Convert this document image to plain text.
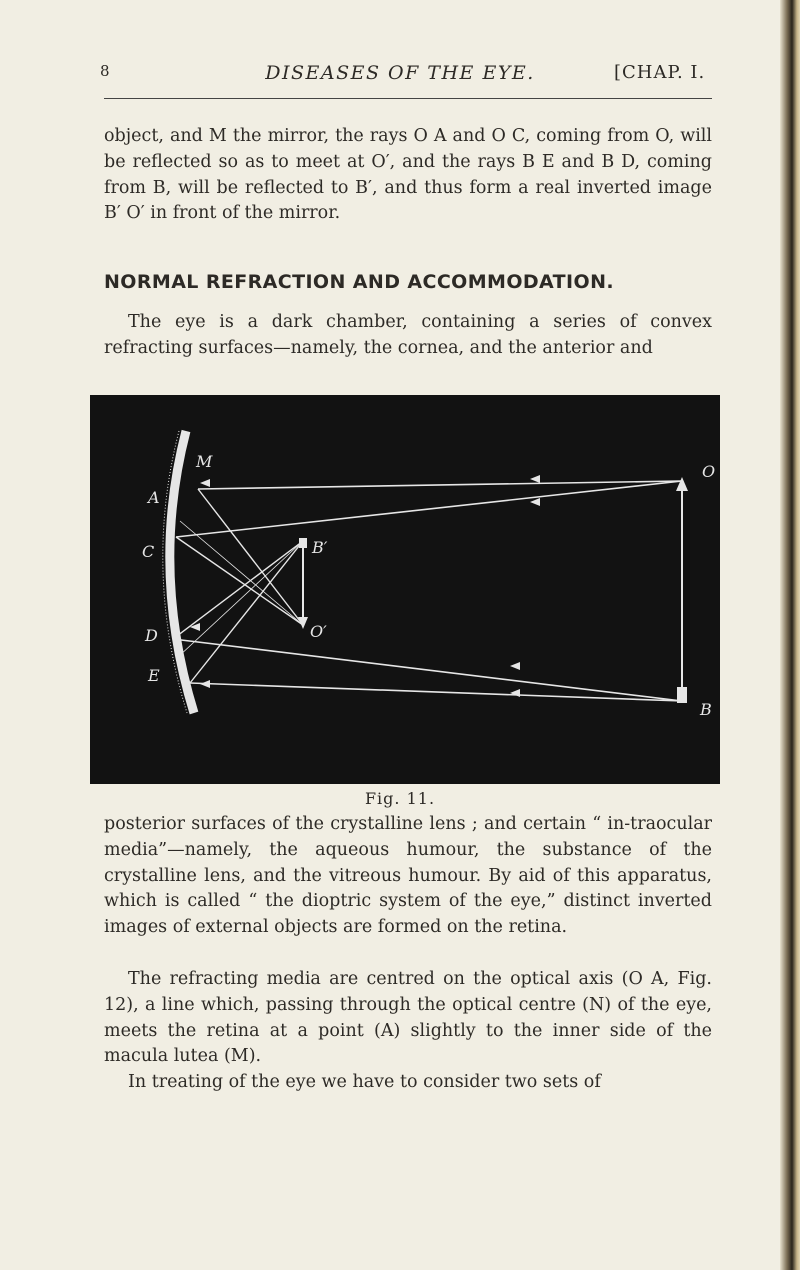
8	DISEASES OF THE EYE.	[CHAP. I.

object, and M the mirror, the rays O A and O C, coming from O, will be reflected so as to meet at O′, and the rays B E and B D, coming from B, will be reflected to B′, and thus form a real inverted image B′ O′ in front of the mirror.

NORMAL REFRACTION AND ACCOMMODATION.

The eye is a dark chamber, containing a series of convex refracting surfaces—namely, the cornea, and the anterior and

M
A
C
D
E
O
B
B′
O′
Fig. 11.

posterior surfaces of the crystalline lens ; and certain “ in-traocular media”—namely, the aqueous humour, the substance of the crystalline lens, and the vitreous humour. By aid of this apparatus, which is called “ the dioptric system of the eye,” distinct inverted images of external objects are formed on the retina.

The refracting media are centred on the optical axis (O A, Fig. 12), a line which, passing through the optical centre (N) of the eye, meets the retina at a point (A) slightly to the inner side of the macula lutea (M).

In treating of the eye we have to consider two sets of
